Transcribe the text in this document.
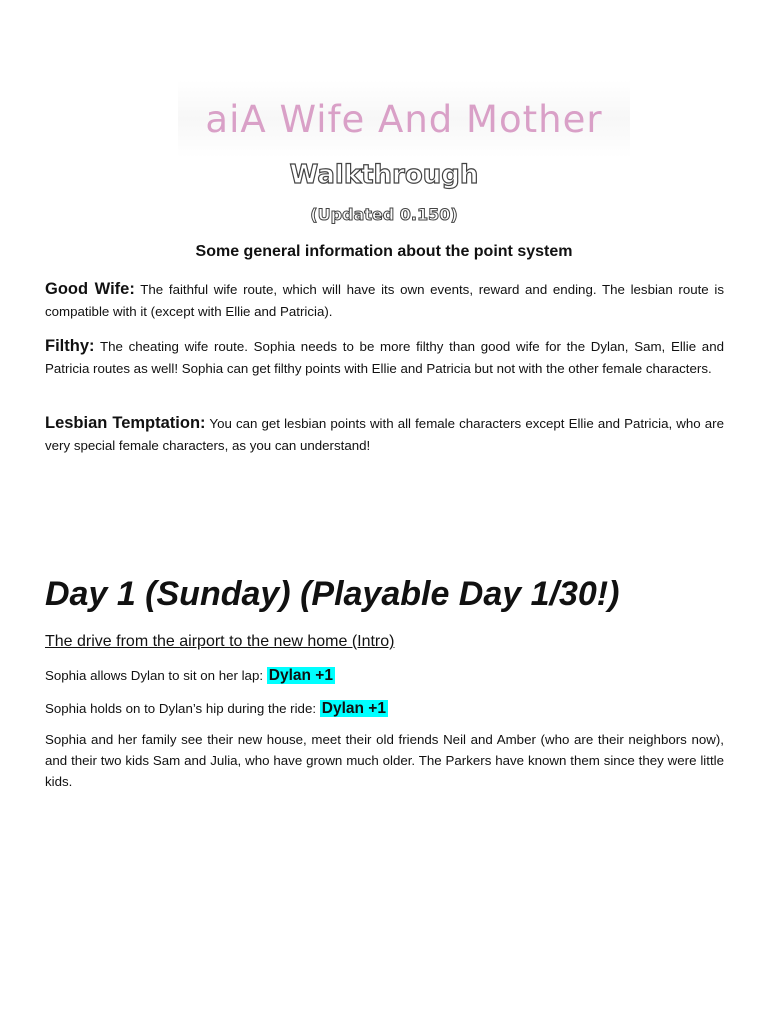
aiA Wife And Mother
Walkthrough
(Updated 0.150)
Some general information about the point system

Good Wife: The faithful wife route, which will have its own events, reward and ending. The lesbian route is compatible with it (except with Ellie and Patricia).

Filthy: The cheating wife route. Sophia needs to be more filthy than good wife for the Dylan, Sam, Ellie and Patricia routes as well! Sophia can get filthy points with Ellie and Patricia but not with the other female characters.

Lesbian Temptation: You can get lesbian points with all female characters except Ellie and Patricia, who are very special female characters, as you can understand!

Day 1 (Sunday) (Playable Day 1/30!)

The drive from the airport to the new home (Intro)

Sophia allows Dylan to sit on her lap: Dylan +1

Sophia holds on to Dylan’s hip during the ride: Dylan +1

Sophia and her family see their new house, meet their old friends Neil and Amber (who are their neighbors now), and their two kids Sam and Julia, who have grown much older. The Parkers have known them since they were little kids.
